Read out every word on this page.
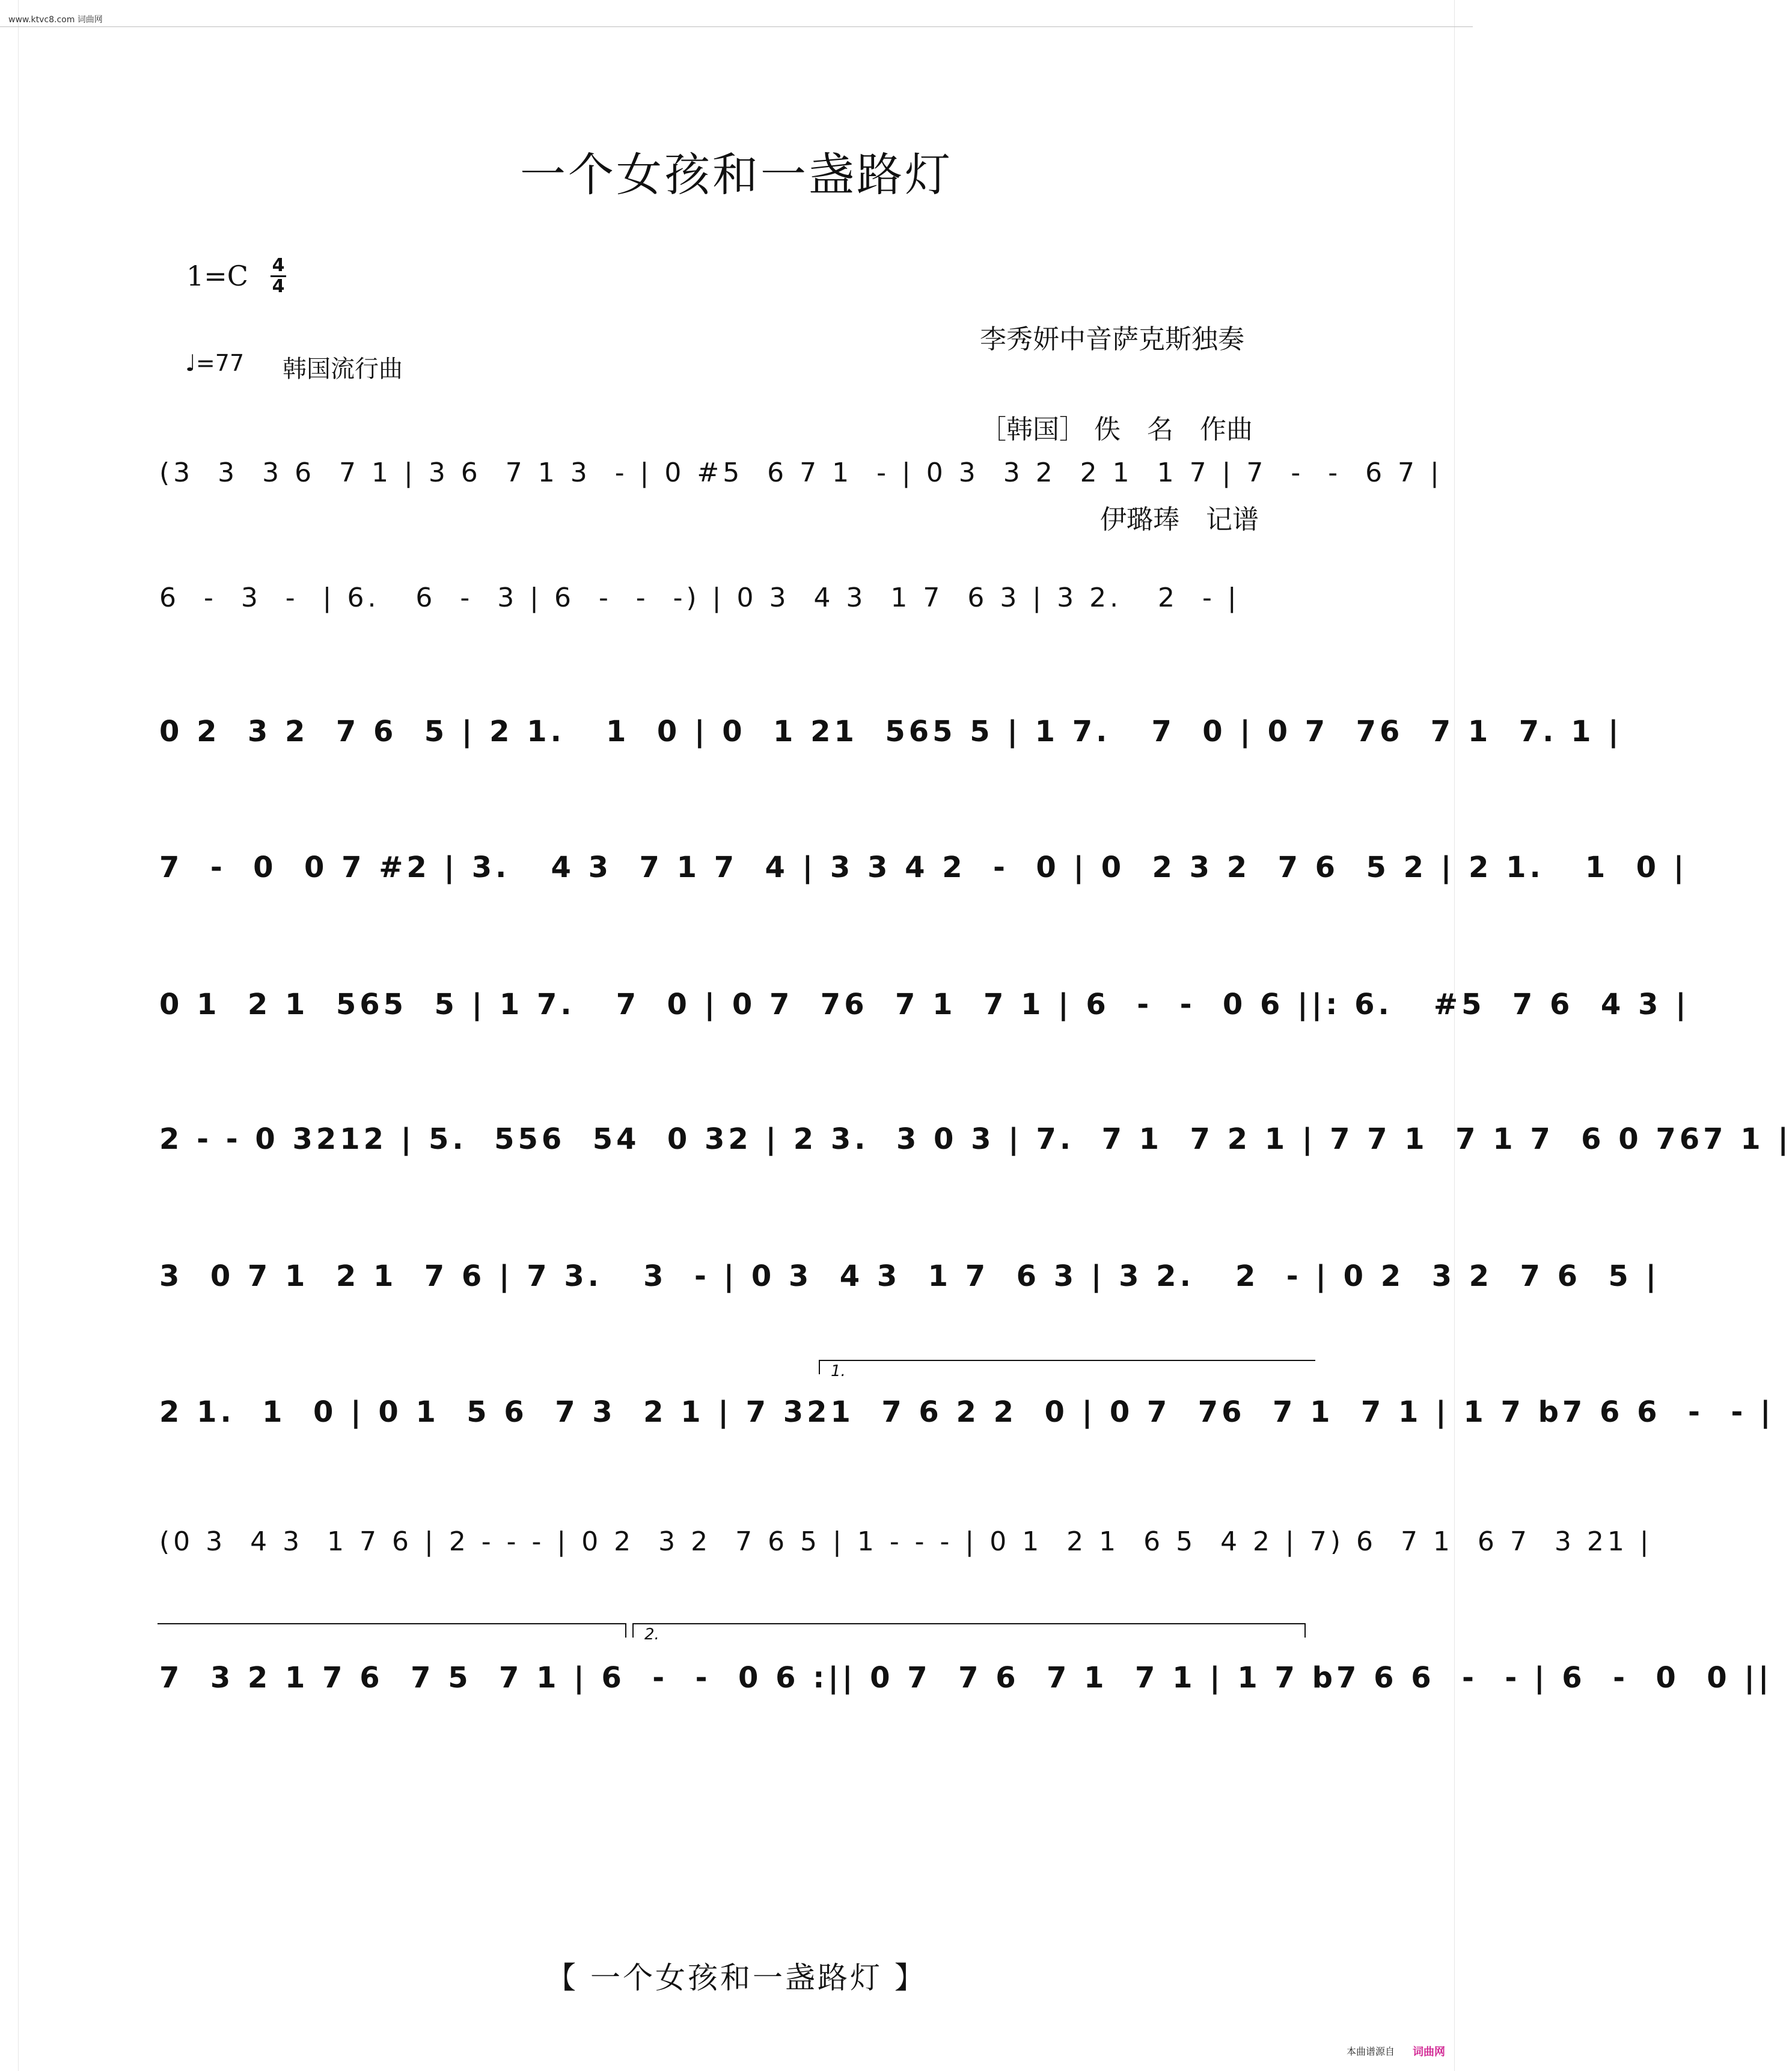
www.ktvc8.com 词曲网
一个女孩和一盏路灯
1=C 4
4
♩=77 韩国流行曲

李秀妍中音萨克斯独奏

［韩国］ 佚　名　作曲

伊璐琫　记谱

(3  3  3 6  7 1 | 3 6  7 1 3  - | 0 #5  6 7 1  - | 0 3  3 2  2 1  1 7 | 7  -  -  6 7 |
6  -  3  -  | 6.   6  -  3 | 6  -  -  -) | 0 3  4 3  1 7  6 3 | 3 2.   2  - |
0 2  3 2  7 6  5 | 2 1.   1  0 | 0  1 21  565 5 | 1 7.   7  0 | 0 7  76  7 1  7. 1 |
7  -  0  0 7 #2 | 3.   4 3  7 1 7  4 | 3 3 4 2  -  0 | 0  2 3 2  7 6  5 2 | 2 1.   1  0 |
0 1  2 1  565  5 | 1 7.   7  0 | 0 7  76  7 1  7 1 | 6  -  -  0 6 ||: 6.   #5  7 6  4 3 |
2 - - 0 3212 | 5.  556  54  0 32 | 2 3.  3 0 3 | 7.  7 1  7 2 1 | 7 7 1  7 1 7  6 0 767 1 |
3  0 7 1  2 1  7 6 | 7 3.   3  - | 0 3  4 3  1 7  6 3 | 3 2.   2  - | 0 2  3 2  7 6  5 |
1.
2 1.  1  0 | 0 1  5 6  7 3  2 1 | 7 321  7 6 2 2  0 | 0 7  76  7 1  7 1 | 1 7 b7 6 6  -  - |
(0 3  4 3  1 7 6 | 2 - - - | 0 2  3 2  7 6 5 | 1 - - - | 0 1  2 1  6 5  4 2 | 7) 6  7 1  6 7  3 21 |
2.
7  3 2 1 7 6  7 5  7 1 | 6  -  -  0 6 :|| 0 7  7 6  7 1  7 1 | 1 7 b7 6 6  -  - | 6  -  0  0 ||
【 一个女孩和一盏路灯 】
本曲谱源自 词曲网
